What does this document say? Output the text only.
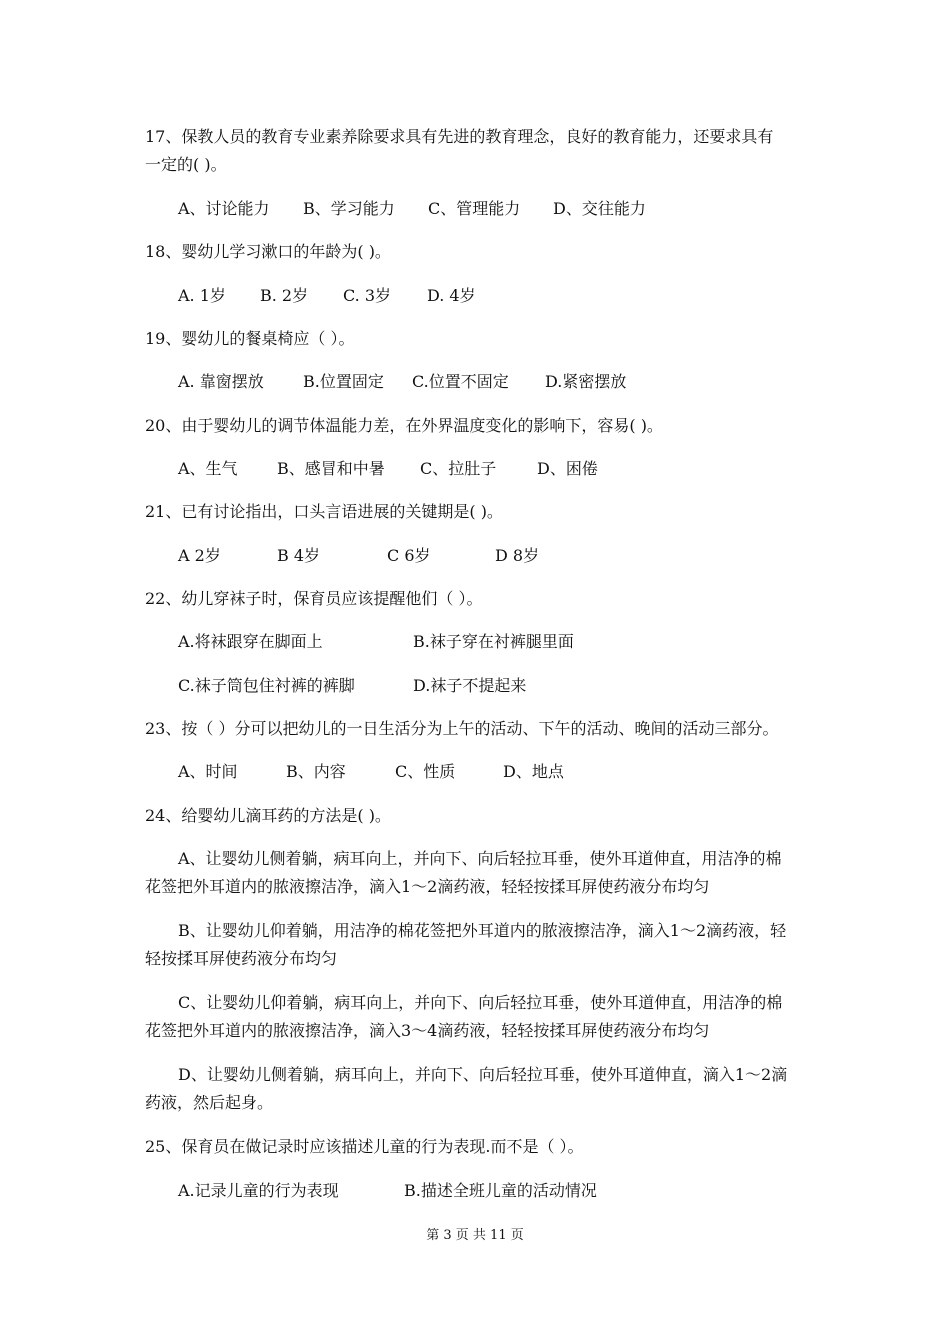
17、保教人员的教育专业素养除要求具有先进的教育理念，良好的教育能力，还要求具有
一定的( )。
A、讨论能力 B、学习能力 C、管理能力 D、交往能力
18、婴幼儿学习漱口的年龄为( )。
A. 1岁 B. 2岁 C. 3岁 D. 4岁
19、婴幼儿的餐桌椅应（ ）。
A. 靠窗摆放 B.位置固定 C.位置不固定 D.紧密摆放
20、由于婴幼儿的调节体温能力差，在外界温度变化的影响下，容易( )。
A、生气 B、感冒和中暑 C、拉肚子	D、困倦
21、已有讨论指出，口头言语进展的关键期是( )。
A 2岁	B 4岁	C 6岁	D 8岁
22、幼儿穿袜子时，保育员应该提醒他们（ ）。
A.将袜跟穿在脚面上	B.袜子穿在衬裤腿里面
C.袜子筒包住衬裤的裤脚	D.袜子不提起来
23、按（ ）分可以把幼儿的一日生活分为上午的活动、下午的活动、晚间的活动三部分。
A、时间	B、内容	C、性质	D、地点
24、给婴幼儿滴耳药的方法是( )。
A、让婴幼儿侧着躺，病耳向上，并向下、向后轻拉耳垂，使外耳道伸直，用洁净的棉
花签把外耳道内的脓液擦洁净，滴入1～2滴药液，轻轻按揉耳屏使药液分布均匀
B、让婴幼儿仰着躺，用洁净的棉花签把外耳道内的脓液擦洁净，滴入1～2滴药液，轻
轻按揉耳屏使药液分布均匀
C、让婴幼儿仰着躺，病耳向上，并向下、向后轻拉耳垂，使外耳道伸直，用洁净的棉
花签把外耳道内的脓液擦洁净，滴入3～4滴药液，轻轻按揉耳屏使药液分布均匀
D、让婴幼儿侧着躺，病耳向上，并向下、向后轻拉耳垂，使外耳道伸直，滴入1～2滴
药液，然后起身。
25、保育员在做记录时应该描述儿童的行为表现.而不是（ ）。
A.记录儿童的行为表现	B.描述全班儿童的活动情况
第 3 页 共 11 页
